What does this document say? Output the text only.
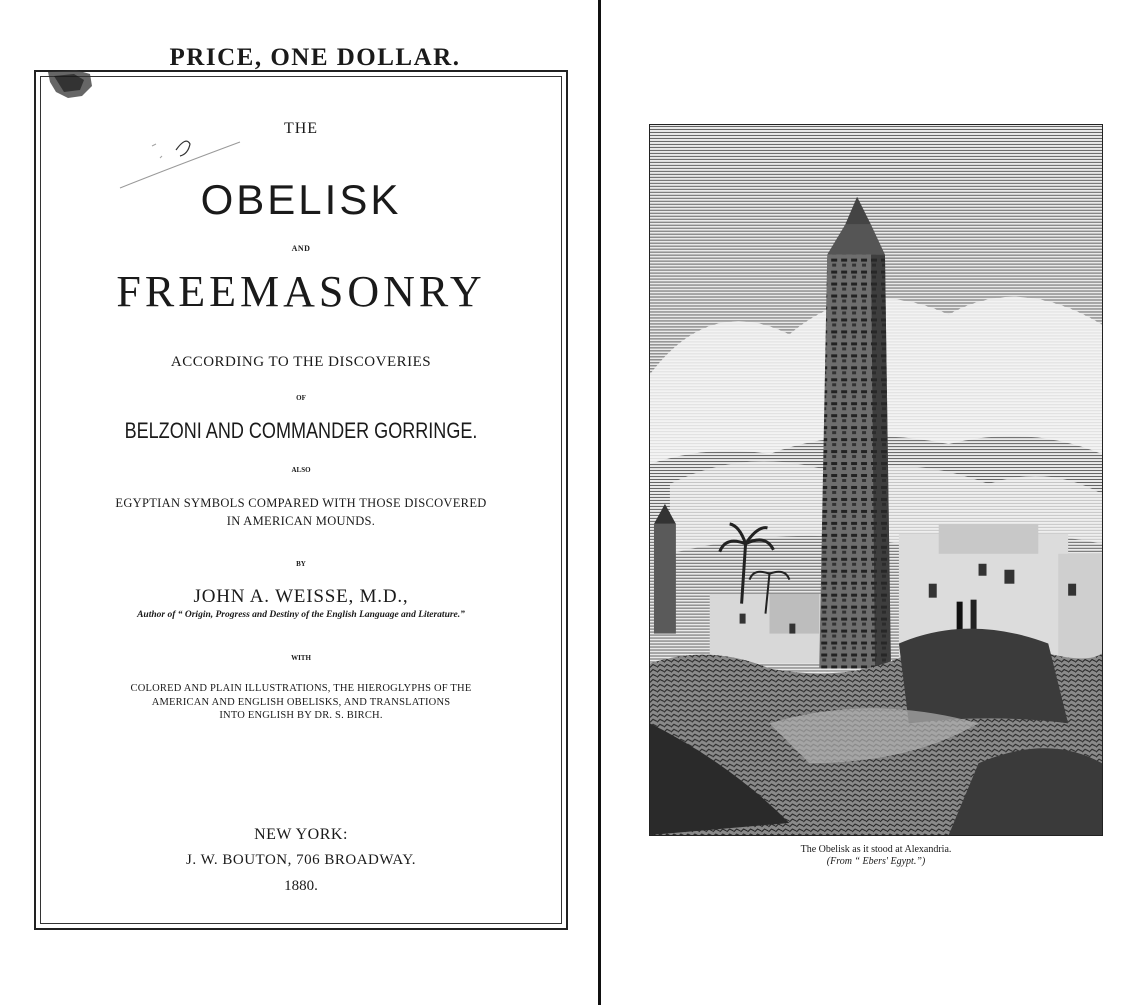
PRICE, ONE DOLLAR.
THE
OBELISK
AND
FREEMASONRY
ACCORDING TO THE DISCOVERIES
OF
BELZONI AND COMMANDER GORRINGE.
ALSO
EGYPTIAN SYMBOLS COMPARED WITH THOSE DISCOVERED
IN AMERICAN MOUNDS.
BY
JOHN A. WEISSE, M.D.,
Author of “ Origin, Progress and Destiny of the English Language and Literature.”
WITH
COLORED AND PLAIN ILLUSTRATIONS, THE HIEROGLYPHS OF THE
AMERICAN AND ENGLISH OBELISKS, AND TRANSLATIONS
INTO ENGLISH BY DR. S. BIRCH.
NEW YORK:
J. W. BOUTON, 706 BROADWAY.
1880.
The Obelisk as it stood at Alexandria.
(From “ Ebers' Egypt.”)
